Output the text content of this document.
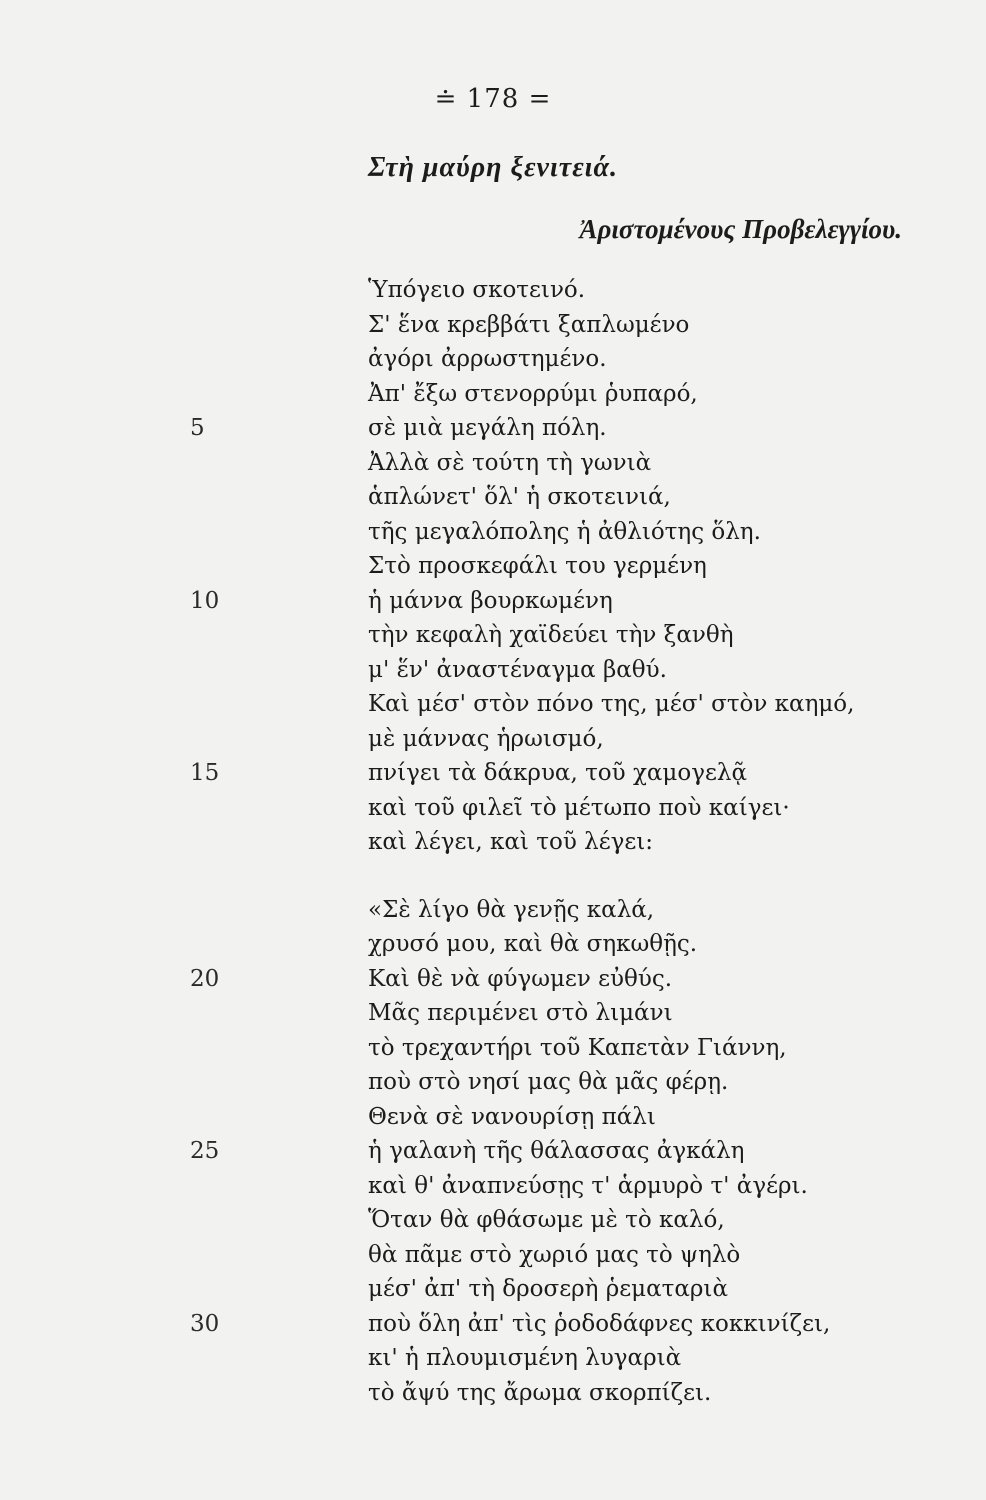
≐ 178 =
Στὴ μαύρη ξενιτειά.
Ἀριστομένους Προβελεγγίου.
Ὑπόγειο σκοτεινό.
Σ' ἕνα κρεββάτι ξαπλωμένο
ἀγόρι ἀρρωστημένο.
Ἀπ' ἔξω στενορρύμι ῥυπαρό,
5	σὲ μιὰ μεγάλη πόλη.
Ἀλλὰ σὲ τούτη τὴ γωνιὰ
ἁπλώνετ' ὅλ' ἡ σκοτεινιά,
τῆς μεγαλόπολης ἡ ἀθλιότης ὅλη.
Στὸ προσκεφάλι του γερμένη
10	ἡ μάννα βουρκωμένη
τὴν κεφαλὴ χαϊδεύει τὴν ξανθὴ
μ' ἕν' ἀναστέναγμα βαθύ.
Καὶ μέσ' στὸν πόνο της, μέσ' στὸν καημό,
μὲ μάννας ἡρωισμό,
15	πνίγει τὰ δάκρυα, τοῦ χαμογελᾷ
καὶ τοῦ φιλεῖ τὸ μέτωπο ποὺ καίγει·
καὶ λέγει, καὶ τοῦ λέγει:
«Σὲ λίγο θὰ γενῇς καλά,
χρυσό μου, καὶ θὰ σηκωθῇς.
20	Καὶ θὲ νὰ φύγωμεν εὐθύς.
Μᾶς περιμένει στὸ λιμάνι
τὸ τρεχαντήρι τοῦ Καπετὰν Γιάννη,
ποὺ στὸ νησί μας θὰ μᾶς φέρῃ.
Θενὰ σὲ νανουρίσῃ πάλι
25	ἡ γαλανὴ τῆς θάλασσας ἀγκάλη
καὶ θ' ἀναπνεύσῃς τ' ἁρμυρὸ τ' ἀγέρι.
Ὅταν θὰ φθάσωμε μὲ τὸ καλό,
θὰ πᾶμε στὸ χωριό μας τὸ ψηλὸ
μέσ' ἀπ' τὴ δροσερὴ ῥεματαριὰ
30	ποὺ ὅλη ἀπ' τὶς ῥοδοδάφνες κοκκινίζει,
κι' ἡ πλουμισμένη λυγαριὰ
τὸ ἄψύ της ἄρωμα σκορπίζει.
